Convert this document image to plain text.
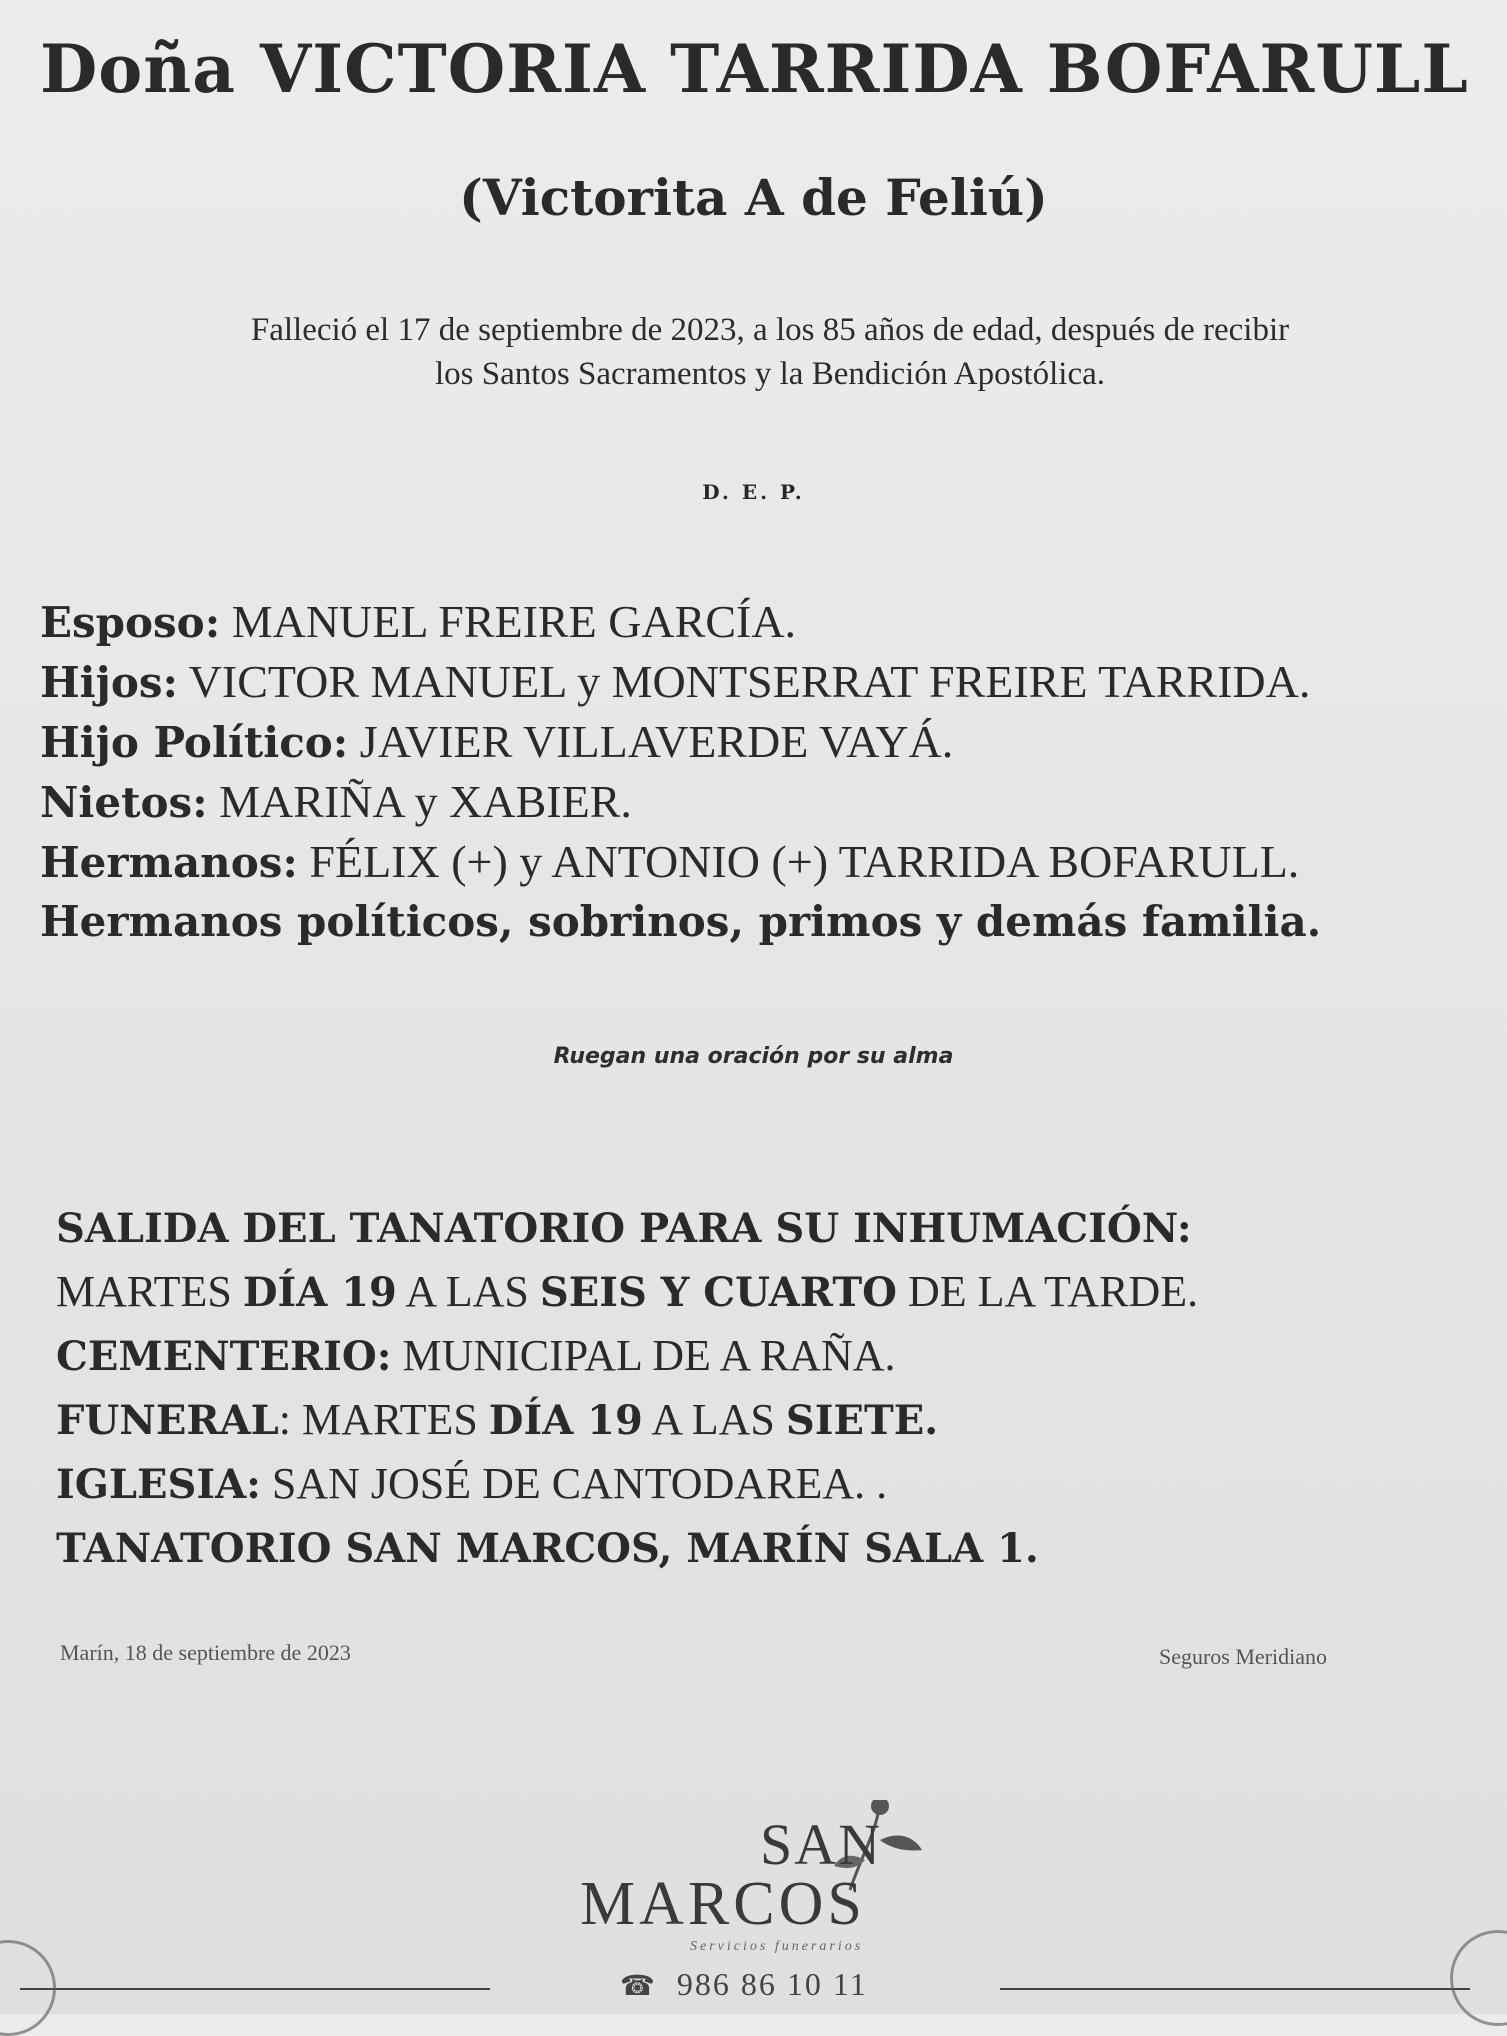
Doña VICTORIA TARRIDA BOFARULL
(Victorita A de Feliú)
Falleció el 17 de septiembre de 2023, a los 85 años de edad, después de recibir
los Santos Sacramentos y la Bendición Apostólica.
D. E. P.
Esposo: MANUEL FREIRE GARCÍA.
Hijos: VICTOR MANUEL y MONTSERRAT FREIRE TARRIDA.
Hijo Político: JAVIER VILLAVERDE VAYÁ.
Nietos: MARIÑA y XABIER.
Hermanos: FÉLIX (+) y ANTONIO (+) TARRIDA BOFARULL.
Hermanos políticos, sobrinos, primos y demás familia.
Ruegan una oración por su alma
SALIDA DEL TANATORIO PARA SU INHUMACIÓN:
MARTES DÍA 19 A LAS SEIS Y CUARTO DE LA TARDE.
CEMENTERIO: MUNICIPAL DE A RAÑA.
FUNERAL: MARTES DÍA 19 A LAS SIETE.
IGLESIA: SAN JOSÉ DE CANTODAREA. .
TANATORIO SAN MARCOS, MARÍN SALA 1.
Marín, 18 de septiembre de 2023	Seguros Meridiano
SAN
MARCOS
Servicios funerarios
☎ 986 86 10 11
